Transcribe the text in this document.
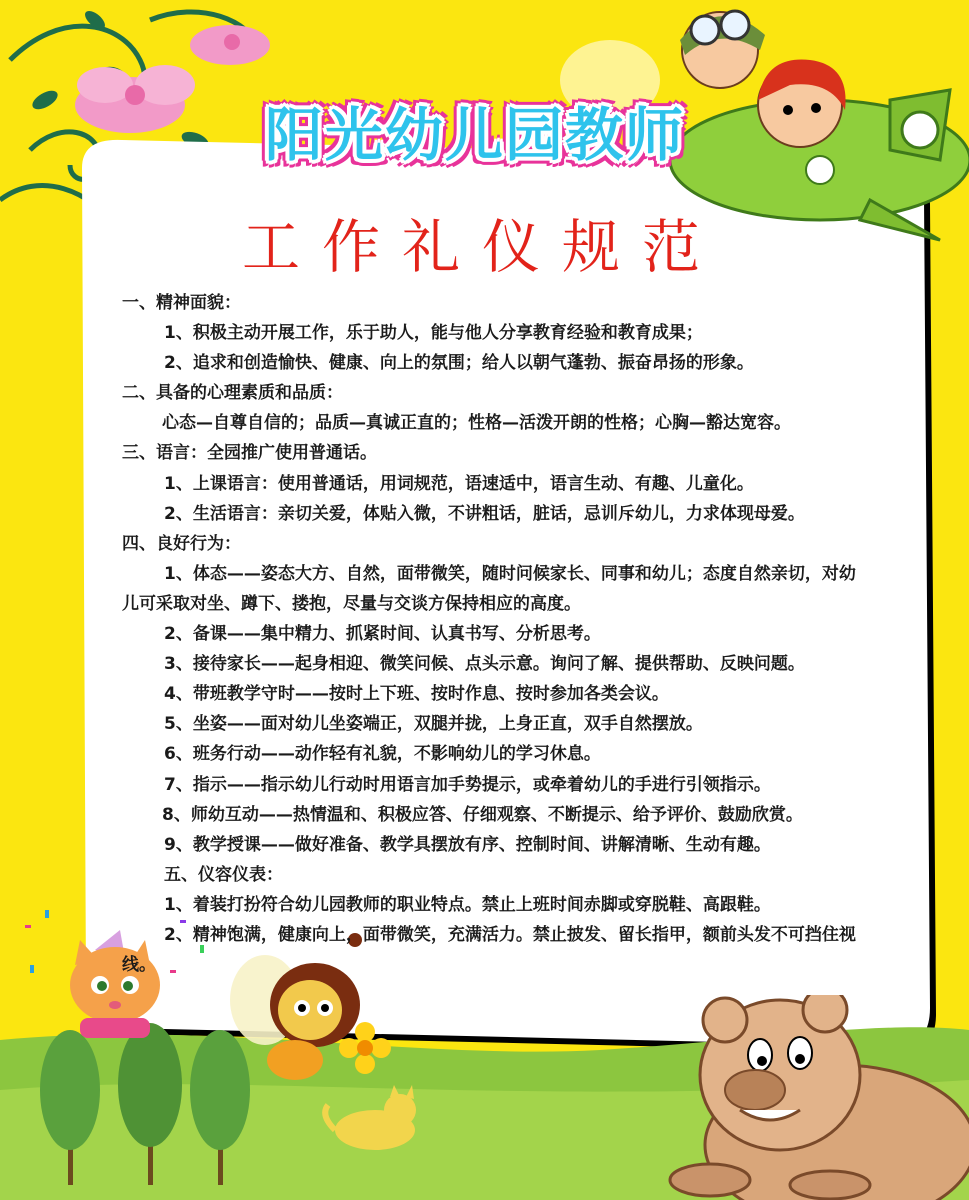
阳光幼儿园教师
工作礼仪规范

一、精神面貌：

1、积极主动开展工作，乐于助人，能与他人分享教育经验和教育成果；

2、追求和创造愉快、健康、向上的氛围；给人以朝气蓬勃、振奋昂扬的形象。

二、具备的心理素质和品质：

心态—自尊自信的；品质—真诚正直的；性格—活泼开朗的性格；心胸—豁达宽容。

三、语言：全园推广使用普通话。

1、上课语言：使用普通话，用词规范，语速适中，语言生动、有趣、儿童化。

2、生活语言：亲切关爱，体贴入微，不讲粗话，脏话，忌训斥幼儿，力求体现母爱。

四、良好行为：

1、体态——姿态大方、自然，面带微笑，随时问候家长、同事和幼儿；态度自然亲切，对幼儿可采取对坐、蹲下、搂抱，尽量与交谈方保持相应的高度。

2、备课——集中精力、抓紧时间、认真书写、分析思考。

3、接待家长——起身相迎、微笑问候、点头示意。询问了解、提供帮助、反映问题。

4、带班教学守时——按时上下班、按时作息、按时参加各类会议。

5、坐姿——面对幼儿坐姿端正，双腿并拢，上身正直，双手自然摆放。

6、班务行动——动作轻有礼貌，不影响幼儿的学习休息。

7、指示——指示幼儿行动时用语言加手势提示，或牵着幼儿的手进行引领指示。

8、师幼互动——热情温和、积极应答、仔细观察、不断提示、给予评价、鼓励欣赏。

9、教学授课——做好准备、教学具摆放有序、控制时间、讲解清晰、生动有趣。

五、仪容仪表：

1、着装打扮符合幼儿园教师的职业特点。禁止上班时间赤脚或穿脱鞋、高跟鞋。

2、精神饱满，健康向上，面带微笑，充满活力。禁止披发、留长指甲，额前头发不可挡住视线。
